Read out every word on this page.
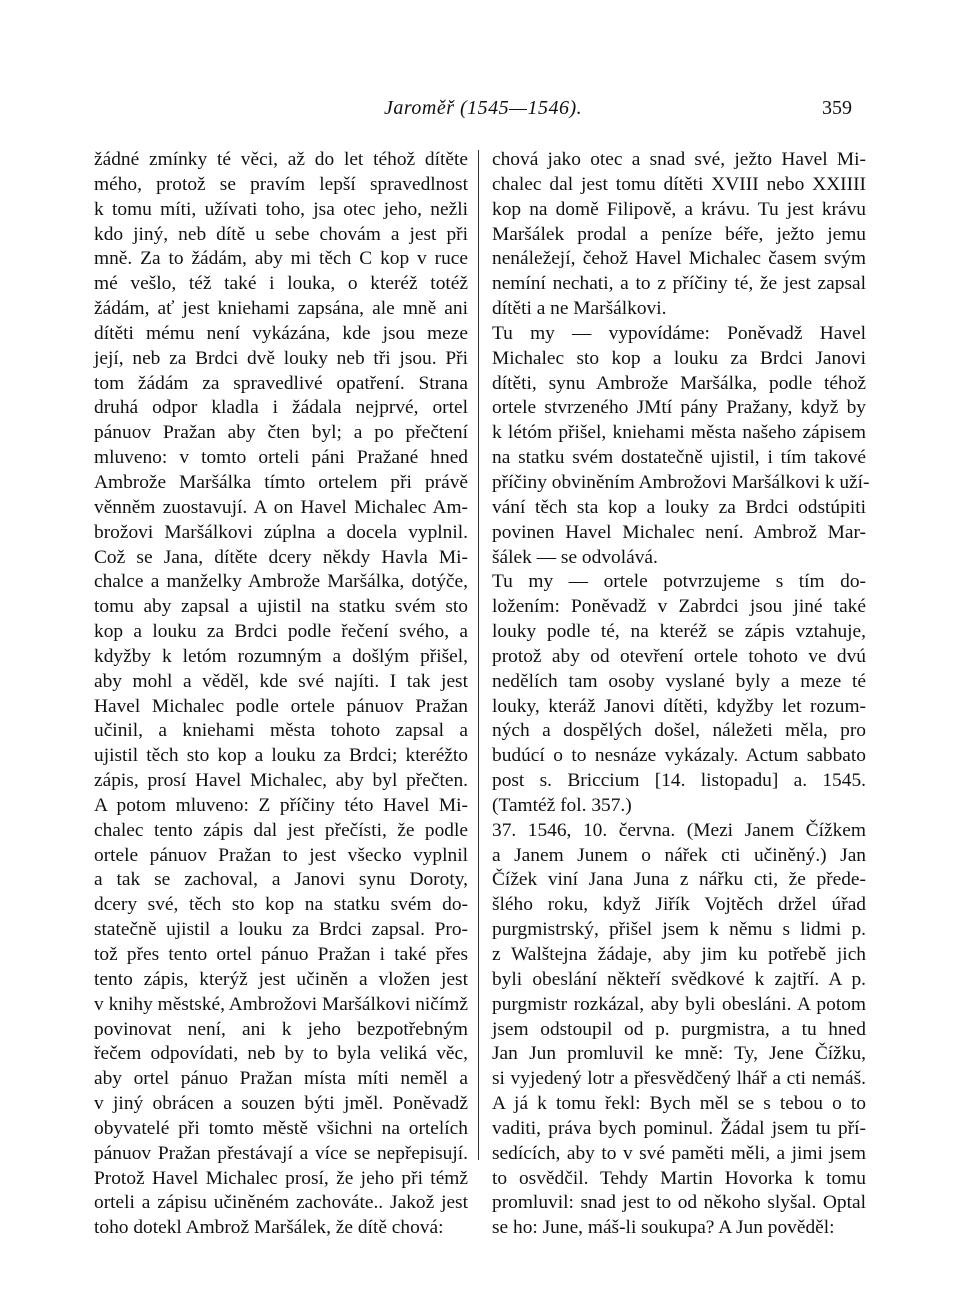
Jaroměř (1545—1546).	359
žádné zmínky té věci, až do let téhož dítěte
mého, protož se pravím lepší spravedlnost
k tomu míti, užívati toho, jsa otec jeho, nežli
kdo jiný, neb dítě u sebe chovám a jest při
mně. Za to žádám, aby mi těch C kop v ruce
mé vešlo, též také i louka, o kteréž totéž
žádám, ať jest kniehami zapsána, ale mně ani
dítěti mému není vykázána, kde jsou meze
její, neb za Brdci dvě louky neb tři jsou. Při
tom žádám za spravedlivé opatření. Strana
druhá odpor kladla i žádala nejprvé, ortel
pánuov Pražan aby čten byl; a po přečtení
mluveno: v tomto orteli páni Pražané hned
Ambrože Maršálka tímto ortelem při právě
věnněm zuostavují. A on Havel Michalec Am-
brožovi Maršálkovi zúplna a docela vyplnil.
Což se Jana, dítěte dcery někdy Havla Mi-
chalce a manželky Ambrože Maršálka, dotýče,
tomu aby zapsal a ujistil na statku svém sto
kop a louku za Brdci podle řečení svého, a
kdyžby k letóm rozumným a došlým přišel,
aby mohl a věděl, kde své najíti. I tak jest
Havel Michalec podle ortele pánuov Pražan
učinil, a kniehami města tohoto zapsal a
ujistil těch sto kop a louku za Brdci; kteréžto
zápis, prosí Havel Michalec, aby byl přečten.
A potom mluveno: Z příčiny této Havel Mi-
chalec tento zápis dal jest přečísti, že podle
ortele pánuov Pražan to jest všecko vyplnil
a tak se zachoval, a Janovi synu Doroty,
dcery své, těch sto kop na statku svém do-
statečně ujistil a louku za Brdci zapsal. Pro-
tož přes tento ortel pánuo Pražan i také přes
tento zápis, kterýž jest učiněn a vložen jest
v knihy městské, Ambrožovi Maršálkovi ničímž
povinovat není, ani k jeho bezpotřebným
řečem odpovídati, neb by to byla veliká věc,
aby ortel pánuo Pražan místa míti neměl a
v jiný obrácen a souzen býti jměl. Poněvadž
obyvatelé při tomto městě všichni na ortelích
pánuov Pražan přestávají a více se nepřepisují.
Protož Havel Michalec prosí, že jeho při témž
orteli a zápisu učiněném zachováte.. Jakož jest
toho dotekl Ambrož Maršálek, že dítě chová:
chová jako otec a snad své, ježto Havel Mi-
chalec dal jest tomu dítěti XVIII nebo XXIIII
kop na domě Filipově, a krávu. Tu jest krávu
Maršálek prodal a peníze béře, ježto jemu
nenáležejí, čehož Havel Michalec časem svým
nemíní nechati, a to z příčiny té, že jest zapsal
dítěti a ne Maršálkovi.
Tu my — vypovídáme: Poněvadž Havel
Michalec sto kop a louku za Brdci Janovi
dítěti, synu Ambrože Maršálka, podle téhož
ortele stvrzeného JMtí pány Pražany, když by
k létóm přišel, kniehami města našeho zápisem
na statku svém dostatečně ujistil, i tím takové
příčiny obviněním Ambrožovi Maršálkovi k uží-
vání těch sta kop a louky za Brdci odstúpiti
povinen Havel Michalec není. Ambrož Mar-
šálek — se odvolává.
Tu my — ortele potvrzujeme s tím do-
ložením: Poněvadž v Zabrdci jsou jiné také
louky podle té, na kteréž se zápis vztahuje,
protož aby od otevření ortele tohoto ve dvú
nedělích tam osoby vyslané byly a meze té
louky, kteráž Janovi dítěti, kdyžby let rozum-
ných a dospělých došel, náležeti měla, pro
budúcí o to nesnáze vykázaly. Actum sabbato
post s. Briccium [14. listopadu] a. 1545.
(Tamtéž fol. 357.)
37. 1546, 10. června. (Mezi Janem Čížkem
a Janem Junem o nářek cti učiněný.) Jan
Čížek viní Jana Juna z nářku cti, že přede-
šlého roku, když Jiřík Vojtěch držel úřad
purgmistrský, přišel jsem k němu s lidmi p.
z Walštejna žádaje, aby jim ku potřebě jich
byli obeslání někteří svědkové k zajtří. A p.
purgmistr rozkázal, aby byli obesláni. A potom
jsem odstoupil od p. purgmistra, a tu hned
Jan Jun promluvil ke mně: Ty, Jene Čížku,
si vyjedený lotr a přesvědčený lhář a cti nemáš.
A já k tomu řekl: Bych měl se s tebou o to
vaditi, práva bych pominul. Žádal jsem tu pří-
sedících, aby to v své paměti měli, a jimi jsem
to osvědčil. Tehdy Martin Hovorka k tomu
promluvil: snad jest to od někoho slyšal. Optal
se ho: June, máš-li soukupa? A Jun pověděl:
